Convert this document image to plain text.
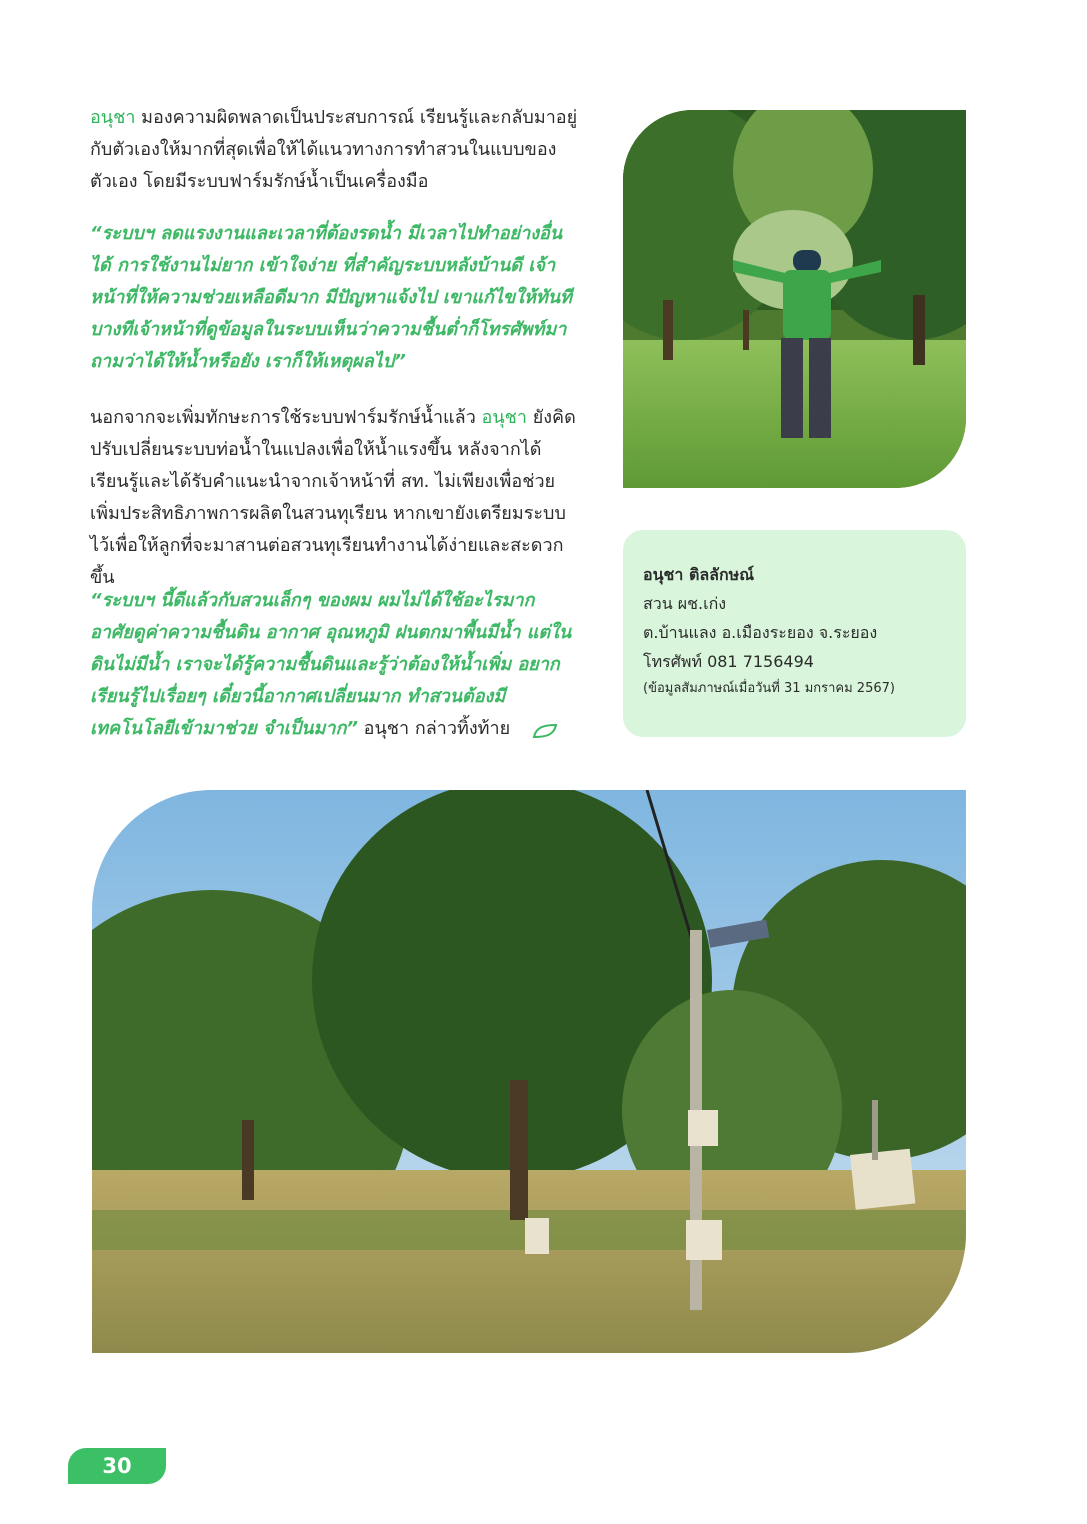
อนุชา มองความผิดพลาดเป็นประสบการณ์ เรียนรู้และกลับมาอยู่กับตัวเองให้มากที่สุดเพื่อให้ได้แนวทางการทำสวนในแบบของตัวเอง โดยมีระบบฟาร์มรักษ์น้ำเป็นเครื่องมือ

“ระบบฯ ลดแรงงานและเวลาที่ต้องรดน้ำ มีเวลาไปทำอย่างอื่นได้ การใช้งานไม่ยาก เข้าใจง่าย ที่สำคัญระบบหลังบ้านดี เจ้าหน้าที่ให้ความช่วยเหลือดีมาก มีปัญหาแจ้งไป เขาแก้ไขให้ทันที บางทีเจ้าหน้าที่ดูข้อมูลในระบบเห็นว่าความชื้นต่ำก็โทรศัพท์มาถามว่าได้ให้น้ำหรือยัง เราก็ให้เหตุผลไป”

นอกจากจะเพิ่มทักษะการใช้ระบบฟาร์มรักษ์น้ำแล้ว อนุชา ยังคิดปรับเปลี่ยนระบบท่อน้ำในแปลงเพื่อให้น้ำแรงขึ้น หลังจากได้เรียนรู้และได้รับคำแนะนำจากเจ้าหน้าที่ สท. ไม่เพียงเพื่อช่วยเพิ่มประสิทธิภาพการผลิตในสวนทุเรียน หากเขายังเตรียมระบบไว้เพื่อให้ลูกที่จะมาสานต่อสวนทุเรียนทำงานได้ง่ายและสะดวกขึ้น

“ระบบฯ นี้ดีแล้วกับสวนเล็กๆ ของผม ผมไม่ได้ใช้อะไรมาก อาศัยดูค่าความชื้นดิน อากาศ อุณหภูมิ ฝนตกมาพื้นมีน้ำ แต่ในดินไม่มีน้ำ เราจะได้รู้ความชื้นดินและรู้ว่าต้องให้น้ำเพิ่ม อยากเรียนรู้ไปเรื่อยๆ เดี๋ยวนี้อากาศเปลี่ยนมาก ทำสวนต้องมีเทคโนโลยีเข้ามาช่วย จำเป็นมาก” อนุชา กล่าวทิ้งท้าย

อนุชา ติลลักษณ์
สวน ผช.เก่ง
ต.บ้านแลง อ.เมืองระยอง จ.ระยอง
โทรศัพท์ 081 7156494
(ข้อมูลสัมภาษณ์เมื่อวันที่ 31 มกราคม 2567)
30
